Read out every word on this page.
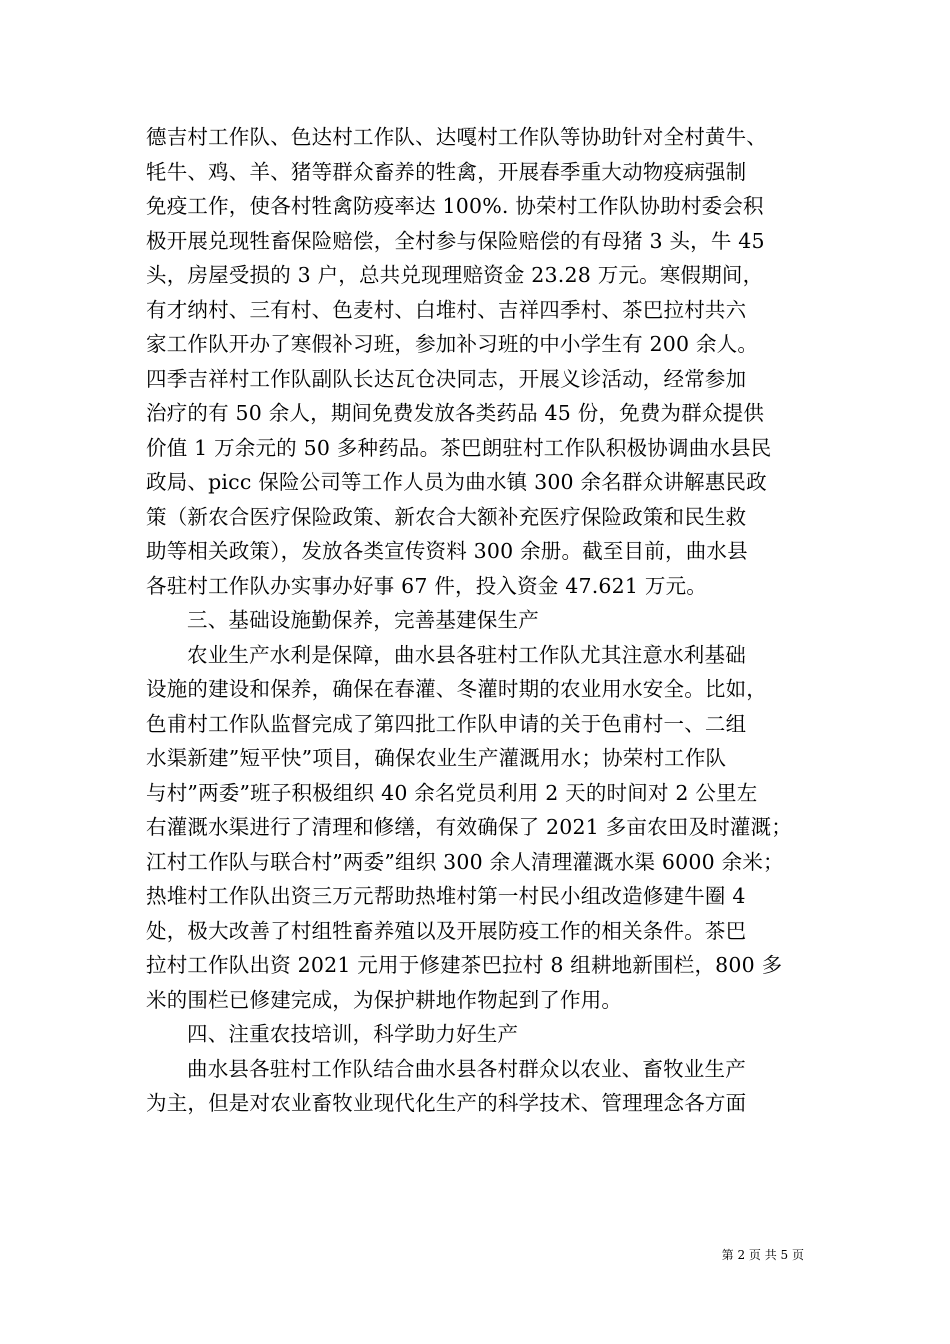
德吉村工作队、色达村工作队、达嘎村工作队等协助针对全村黄牛、
牦牛、鸡、羊、猪等群众畜养的牲禽，开展春季重大动物疫病强制
免疫工作，使各村牲禽防疫率达 100%. 协荣村工作队协助村委会积
极开展兑现牲畜保险赔偿，全村参与保险赔偿的有母猪 3 头，牛 45
头，房屋受损的 3 户，总共兑现理赔资金 23.28 万元。寒假期间，
有才纳村、三有村、色麦村、白堆村、吉祥四季村、茶巴拉村共六
家工作队开办了寒假补习班，参加补习班的中小学生有 200 余人。
四季吉祥村工作队副队长达瓦仓决同志，开展义诊活动，经常参加
治疗的有 50 余人，期间免费发放各类药品 45 份，免费为群众提供
价值 1 万余元的 50 多种药品。茶巴朗驻村工作队积极协调曲水县民
政局、picc 保险公司等工作人员为曲水镇 300 余名群众讲解惠民政
策（新农合医疗保险政策、新农合大额补充医疗保险政策和民生救
助等相关政策），发放各类宣传资料 300 余册。截至目前，曲水县
各驻村工作队办实事办好事 67 件，投入资金 47.621 万元。
三、基础设施勤保养，完善基建保生产
农业生产水利是保障，曲水县各驻村工作队尤其注意水利基础
设施的建设和保养，确保在春灌、冬灌时期的农业用水安全。比如，
色甫村工作队监督完成了第四批工作队申请的关于色甫村一、二组
水渠新建”短平快”项目，确保农业生产灌溉用水；协荣村工作队
与村”两委”班子积极组织 40 余名党员利用 2 天的时间对 2 公里左
右灌溉水渠进行了清理和修缮，有效确保了 2021 多亩农田及时灌溉；
江村工作队与联合村”两委”组织 300 余人清理灌溉水渠 6000 余米；
热堆村工作队出资三万元帮助热堆村第一村民小组改造修建牛圈 4
处，极大改善了村组牲畜养殖以及开展防疫工作的相关条件。茶巴
拉村工作队出资 2021 元用于修建茶巴拉村 8 组耕地新围栏，800 多
米的围栏已修建完成，为保护耕地作物起到了作用。
四、注重农技培训，科学助力好生产
曲水县各驻村工作队结合曲水县各村群众以农业、畜牧业生产
为主，但是对农业畜牧业现代化生产的科学技术、管理理念各方面
第 2 页 共 5 页
